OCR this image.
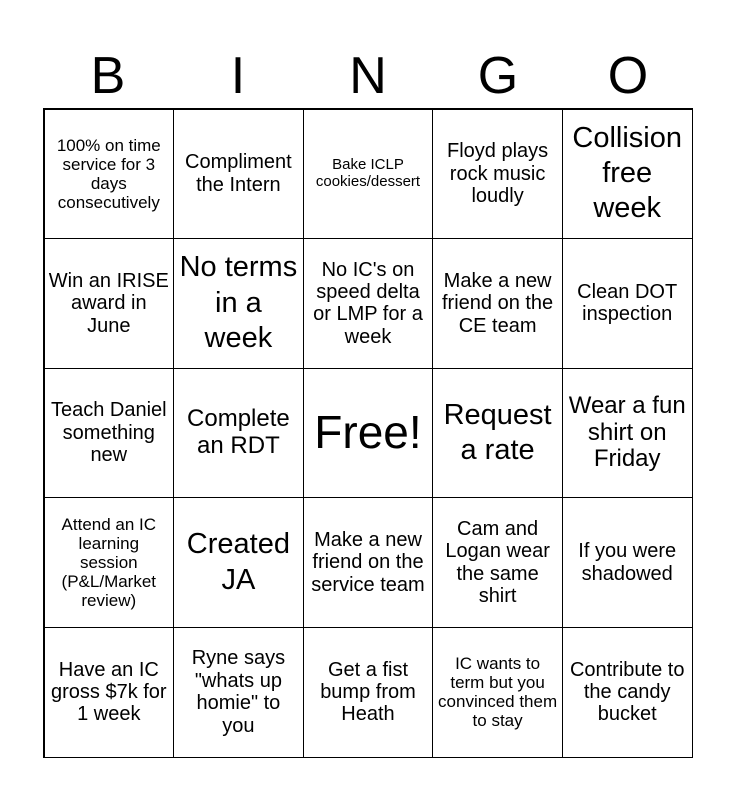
B	I	N	G	O
100% on time service for 3 days consecutively
Compliment the Intern
Bake ICLP cookies/dessert
Floyd plays rock music loudly
Collision free week
Win an IRISE award in June
No terms in a week
No IC's on speed delta or LMP for a week
Make a new friend on the CE team
Clean DOT inspection
Teach Daniel something new
Complete an RDT Free! Request a rate
Wear a fun shirt on Friday
Attend an IC learning session (P&L/Market review)
Created JA
Make a new friend on the service team
Cam and Logan wear the same shirt
If you were shadowed
Have an IC gross $7k for 1 week
Ryne says "whats up homie" to you
Get a fist bump from Heath
IC wants to term but you convinced them to stay
Contribute to the candy bucket
